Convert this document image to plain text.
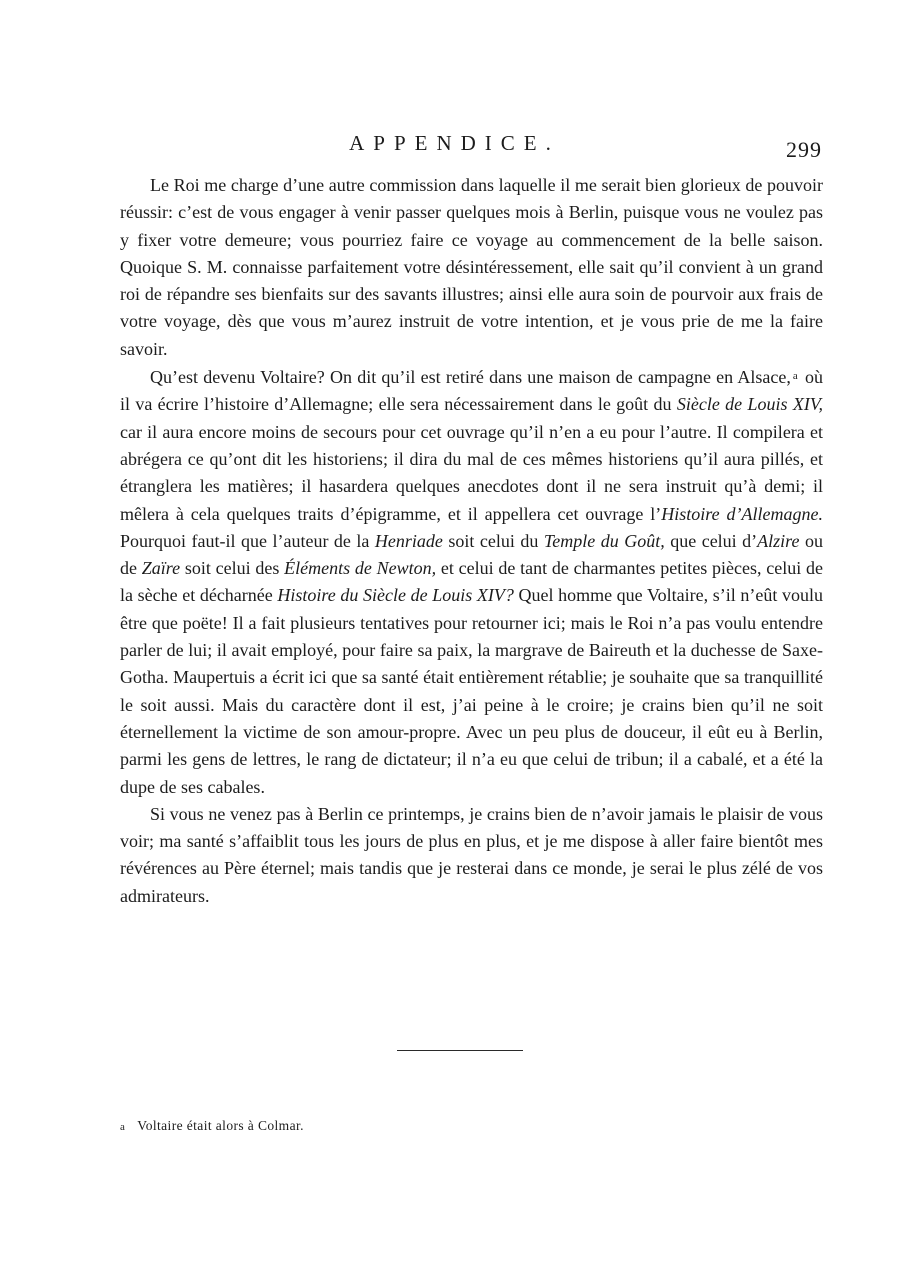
APPENDICE.	299

Le Roi me charge d’une autre commission dans laquelle il me serait bien glorieux de pouvoir réussir: c’est de vous engager à venir passer quelques mois à Berlin, puisque vous ne voulez pas y fixer votre demeure; vous pourriez faire ce voyage au commencement de la belle saison. Quoique S. M. connaisse parfaitement votre désintéressement, elle sait qu’il convient à un grand roi de répandre ses bienfaits sur des savants illustres; ainsi elle aura soin de pourvoir aux frais de votre voyage, dès que vous m’aurez instruit de votre intention, et je vous prie de me la faire savoir.

Qu’est devenu Voltaire? On dit qu’il est retiré dans une maison de campagne en Alsace, $^a$ où il va écrire l’histoire d’Allemagne; elle sera nécessairement dans le goût du Siècle de Louis XIV, car il aura encore moins de secours pour cet ouvrage qu’il n’en a eu pour l’autre. Il compilera et abrégera ce qu’ont dit les historiens; il dira du mal de ces mêmes historiens qu’il aura pillés, et étranglera les matières; il hasardera quelques anecdotes dont il ne sera instruit qu’à demi; il mêlera à cela quelques traits d’épigramme, et il appellera cet ouvrage l’Histoire d’Allemagne. Pourquoi faut-il que l’auteur de la Henriade soit celui du Temple du Goût, que celui d’Alzire ou de Zaïre soit celui des Éléments de Newton, et celui de tant de charmantes petites pièces, celui de la sèche et décharnée Histoire du Siècle de Louis XIV? Quel homme que Voltaire, s’il n’eût voulu être que poëte! Il a fait plusieurs tentatives pour retourner ici; mais le Roi n’a pas voulu entendre parler de lui; il avait employé, pour faire sa paix, la margrave de Baireuth et la duchesse de Saxe-Gotha. Maupertuis a écrit ici que sa santé était entièrement rétablie; je souhaite que sa tranquillité le soit aussi. Mais du caractère dont il est, j’ai peine à le croire; je crains bien qu’il ne soit éternellement la victime de son amour-propre. Avec un peu plus de douceur, il eût eu à Berlin, parmi les gens de lettres, le rang de dictateur; il n’a eu que celui de tribun; il a cabalé, et a été la dupe de ses cabales.

Si vous ne venez pas à Berlin ce printemps, je crains bien de n’avoir jamais le plaisir de vous voir; ma santé s’affaiblit tous les jours de plus en plus, et je me dispose à aller faire bientôt mes révérences au Père éternel; mais tandis que je resterai dans ce monde, je serai le plus zélé de vos admirateurs.

a Voltaire était alors à Colmar.
